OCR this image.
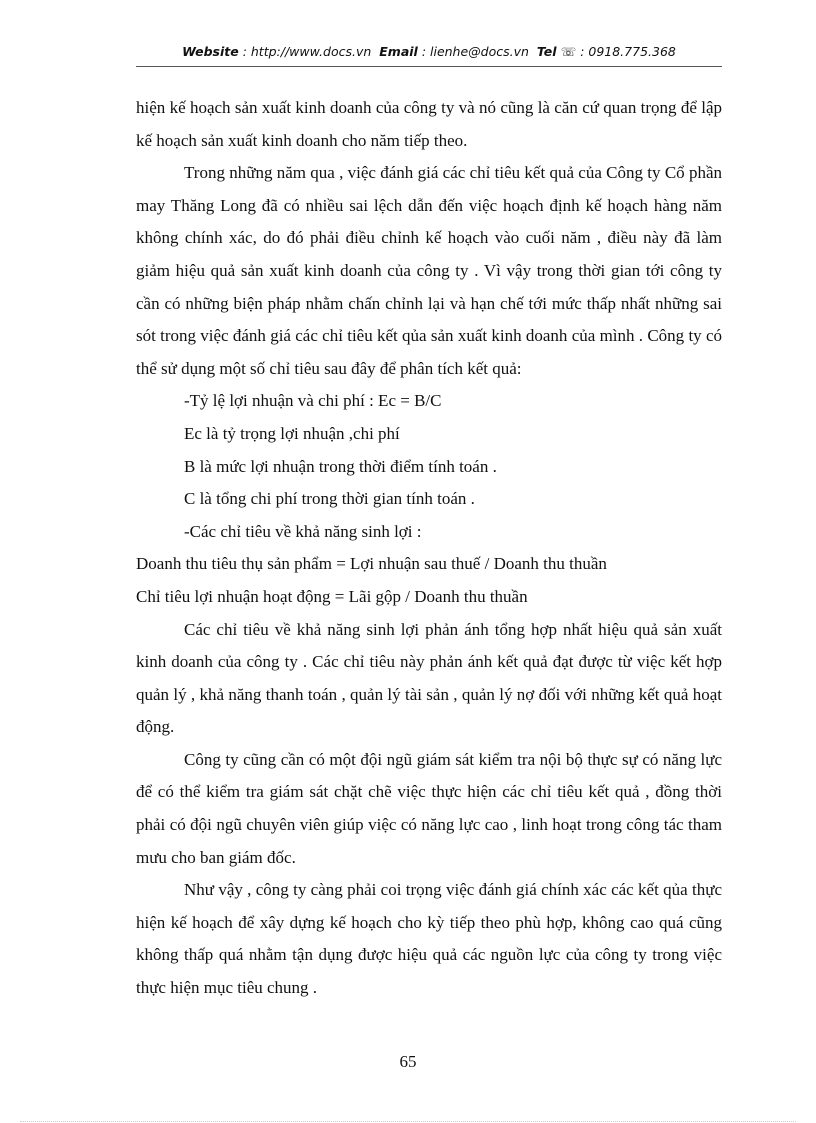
Website : http://www.docs.vn Email : lienhe@docs.vn Tel ☏ : 0918.775.368

hiện kế hoạch sản xuất kinh doanh của công ty và nó cũng là căn cứ quan trọng để lập kế hoạch sản xuất kinh doanh cho năm tiếp theo.

Trong những năm qua , việc đánh giá các chỉ tiêu kết quả của Công ty Cổ phần may Thăng Long đã có nhiều sai lệch dẫn đến việc hoạch định kế hoạch hàng năm không chính xác, do đó phải điều chỉnh kế hoạch vào cuối năm , điều này đã làm giảm hiệu quả sản xuất kinh doanh của công ty . Vì vậy trong thời gian tới công ty cần có những biện pháp nhằm chấn chỉnh lại và hạn chế tới mức thấp nhất những sai sót trong việc đánh giá các chỉ tiêu kết qủa sản xuất kinh doanh của mình . Công ty có thể sử dụng một số chỉ tiêu sau đây để phân tích kết quả:

-Tỷ lệ lợi nhuận và chi phí : Ec = B/C

Ec là tỷ trọng lợi nhuận ,chi phí

B là mức lợi nhuận trong thời điểm tính toán .

C là tổng chi phí trong thời gian tính toán .

-Các chỉ tiêu về khả năng sinh lợi :

Doanh thu tiêu thụ sản phẩm = Lợi nhuận sau thuế / Doanh thu thuần

Chỉ tiêu lợi nhuận hoạt động = Lãi gộp / Doanh thu thuần

Các chỉ tiêu về khả năng sinh lợi phản ánh tổng hợp nhất hiệu quả sản xuất kinh doanh của công ty . Các chỉ tiêu này phản ánh kết quả đạt được từ việc kết hợp quản lý , khả năng thanh toán , quản lý tài sản , quản lý nợ đối với những kết quả hoạt động.

Công ty cũng cần có một đội ngũ giám sát kiểm tra nội bộ thực sự có năng lực để có thể kiểm tra giám sát chặt chẽ việc thực hiện các chỉ tiêu kết quả , đồng thời phải có đội ngũ chuyên viên giúp việc có năng lực cao , linh hoạt trong công tác tham mưu cho ban giám đốc.

Như vậy , công ty càng phải coi trọng việc đánh giá chính xác các kết qủa thực hiện kế hoạch để xây dựng kế hoạch cho kỳ tiếp theo phù hợp, không cao quá cũng không thấp quá nhằm tận dụng được hiệu quả các nguồn lực của công ty trong việc thực hiện mục tiêu chung .

65
